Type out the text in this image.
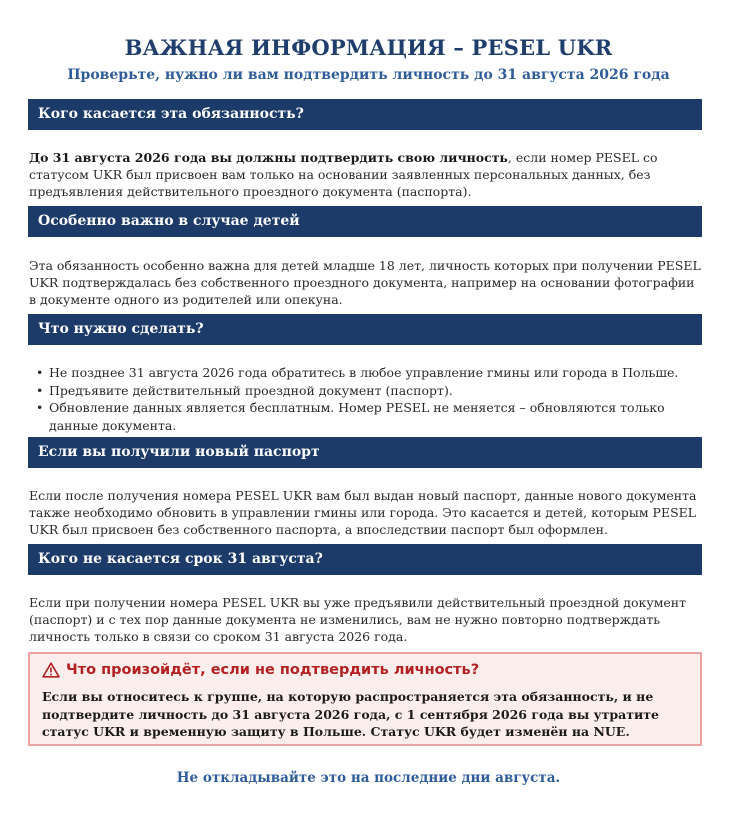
ВАЖНАЯ ИНФОРМАЦИЯ – PESEL UKR
Проверьте, нужно ли вам подтвердить личность до 31 августа 2026 года
Кого касается эта обязанность?
До 31 августа 2026 года вы должны подтвердить свою личность, если номер PESEL со статусом UKR был присвоен вам только на основании заявленных персональных данных, без предъявления действительного проездного документа (паспорта).
Особенно важно в случае детей
Эта обязанность особенно важна для детей младше 18 лет, личность которых при получении PESEL UKR подтверждалась без собственного проездного документа, например на основании фотографии в документе одного из родителей или опекуна.
Что нужно сделать?
• Не позднее 31 августа 2026 года обратитесь в любое управление гмины или города в Польше.
• Предъявите действительный проездной документ (паспорт).
• Обновление данных является бесплатным. Номер PESEL не меняется – обновляются только данные документа.
Если вы получили новый паспорт
Если после получения номера PESEL UKR вам был выдан новый паспорт, данные нового документа также необходимо обновить в управлении гмины или города. Это касается и детей, которым PESEL UKR был присвоен без собственного паспорта, а впоследствии паспорт был оформлен.
Кого не касается срок 31 августа?
Если при получении номера PESEL UKR вы уже предъявили действительный проездной документ (паспорт) и с тех пор данные документа не изменились, вам не нужно повторно подтверждать личность только в связи со сроком 31 августа 2026 года.
Что произойдёт, если не подтвердить личность?
Если вы относитесь к группе, на которую распространяется эта обязанность, и не подтвердите личность до 31 августа 2026 года, с 1 сентября 2026 года вы утратите статус UKR и временную защиту в Польше. Статус UKR будет изменён на NUE.
Не откладывайте это на последние дни августа.
